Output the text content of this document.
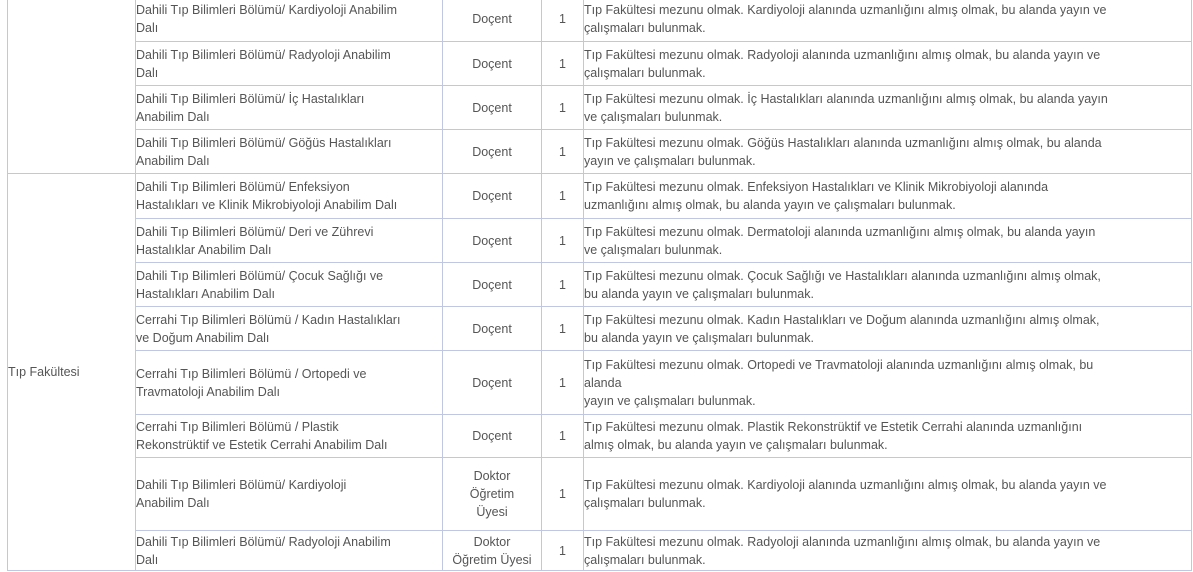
	Dahili Tıp Bilimleri Bölümü/ Kardiyoloji Anabilim
Dalı	Doçent	1	Tıp Fakültesi mezunu olmak. Kardiyoloji alanında uzmanlığını almış olmak, bu alanda yayın ve
çalışmaları bulunmak.

	Dahili Tıp Bilimleri Bölümü/ Radyoloji Anabilim
Dalı	Doçent	1	Tıp Fakültesi mezunu olmak. Radyoloji alanında uzmanlığını almış olmak, bu alanda yayın ve
çalışmaları bulunmak.

	Dahili Tıp Bilimleri Bölümü/ İç Hastalıkları
Anabilim Dalı	Doçent	1	Tıp Fakültesi mezunu olmak. İç Hastalıkları alanında uzmanlığını almış olmak, bu alanda yayın
ve çalışmaları bulunmak.

	Dahili Tıp Bilimleri Bölümü/ Göğüs Hastalıkları
Anabilim Dalı	Doçent	1	Tıp Fakültesi mezunu olmak. Göğüs Hastalıkları alanında uzmanlığını almış olmak, bu alanda
yayın ve çalışmaları bulunmak.

Tıp Fakültesi	Dahili Tıp Bilimleri Bölümü/ Enfeksiyon
Hastalıkları ve Klinik Mikrobiyoloji Anabilim Dalı	Doçent	1	Tıp Fakültesi mezunu olmak. Enfeksiyon Hastalıkları ve Klinik Mikrobiyoloji alanında
uzmanlığını almış olmak, bu alanda yayın ve çalışmaları bulunmak.

	Dahili Tıp Bilimleri Bölümü/ Deri ve Zührevi
Hastalıklar Anabilim Dalı	Doçent	1	Tıp Fakültesi mezunu olmak. Dermatoloji alanında uzmanlığını almış olmak, bu alanda yayın
ve çalışmaları bulunmak.

	Dahili Tıp Bilimleri Bölümü/ Çocuk Sağlığı ve
Hastalıkları Anabilim Dalı	Doçent	1	Tıp Fakültesi mezunu olmak. Çocuk Sağlığı ve Hastalıkları alanında uzmanlığını almış olmak,
bu alanda yayın ve çalışmaları bulunmak.

	Cerrahi Tıp Bilimleri Bölümü / Kadın Hastalıkları
ve Doğum Anabilim Dalı	Doçent	1	Tıp Fakültesi mezunu olmak. Kadın Hastalıkları ve Doğum alanında uzmanlığını almış olmak,
bu alanda yayın ve çalışmaları bulunmak.

	Cerrahi Tıp Bilimleri Bölümü / Ortopedi ve
Travmatoloji Anabilim Dalı	Doçent	1	Tıp Fakültesi mezunu olmak. Ortopedi ve Travmatoloji alanında uzmanlığını almış olmak, bu
alanda
yayın ve çalışmaları bulunmak.

	Cerrahi Tıp Bilimleri Bölümü / Plastik
Rekonstrüktif ve Estetik Cerrahi Anabilim Dalı	Doçent	1	Tıp Fakültesi mezunu olmak. Plastik Rekonstrüktif ve Estetik Cerrahi alanında uzmanlığını
almış olmak, bu alanda yayın ve çalışmaları bulunmak.

	Dahili Tıp Bilimleri Bölümü/ Kardiyoloji
Anabilim Dalı	Doktor
Öğretim
Üyesi	1	Tıp Fakültesi mezunu olmak. Kardiyoloji alanında uzmanlığını almış olmak, bu alanda yayın ve
çalışmaları bulunmak.

	Dahili Tıp Bilimleri Bölümü/ Radyoloji Anabilim
Dalı	Doktor
Öğretim Üyesi	1	Tıp Fakültesi mezunu olmak. Radyoloji alanında uzmanlığını almış olmak, bu alanda yayın ve
çalışmaları bulunmak.
